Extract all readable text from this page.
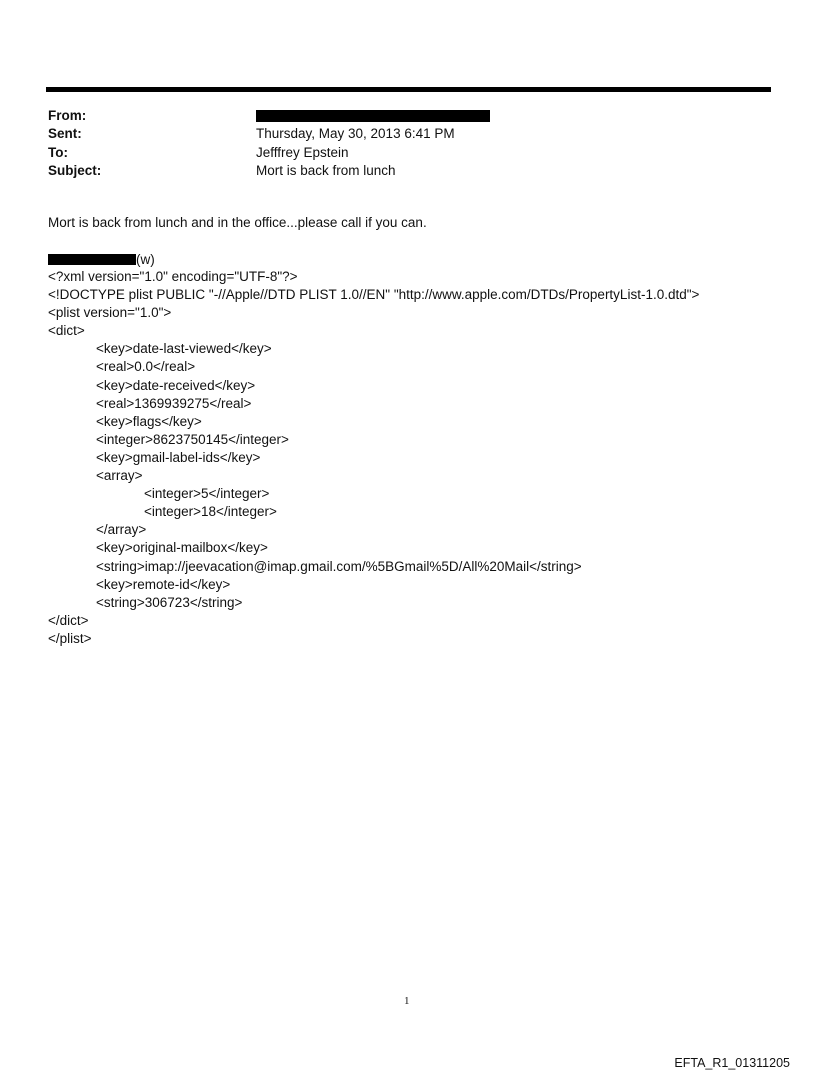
From:
Sent:	Thursday, May 30, 2013 6:41 PM
To:	Jefffrey Epstein
Subject:	Mort is back from lunch
Mort is back from lunch and in the office...please call if you can.
(w)
<?xml version="1.0" encoding="UTF-8"?>
<!DOCTYPE plist PUBLIC "-//Apple//DTD PLIST 1.0//EN" "http://www.apple.com/DTDs/PropertyList-1.0.dtd">
<plist version="1.0">
<dict>
<key>date-last-viewed</key>
<real>0.0</real>
<key>date-received</key>
<real>1369939275</real>
<key>flags</key>
<integer>8623750145</integer>
<key>gmail-label-ids</key>
<array>
<integer>5</integer>
<integer>18</integer>
</array>
<key>original-mailbox</key>
<string>imap://jeevacation@imap.gmail.com/%5BGmail%5D/All%20Mail</string>
<key>remote-id</key>
<string>306723</string>
</dict>
</plist>
1
EFTA_R1_01311205
